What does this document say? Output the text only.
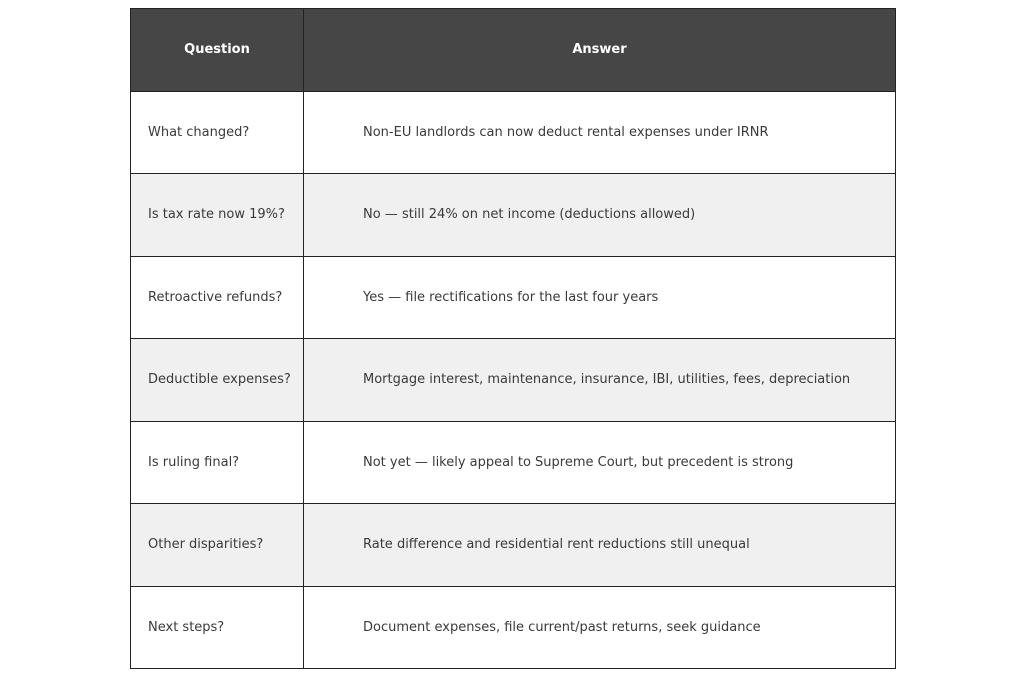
Question	Answer
What changed?	Non-EU landlords can now deduct rental expenses under IRNR
Is tax rate now 19%?	No — still 24% on net income (deductions allowed)
Retroactive refunds?	Yes — file rectifications for the last four years
Deductible expenses?	Mortgage interest, maintenance, insurance, IBI, utilities, fees, depreciation
Is ruling final?	Not yet — likely appeal to Supreme Court, but precedent is strong
Other disparities?	Rate difference and residential rent reductions still unequal
Next steps?	Document expenses, file current/past returns, seek guidance
